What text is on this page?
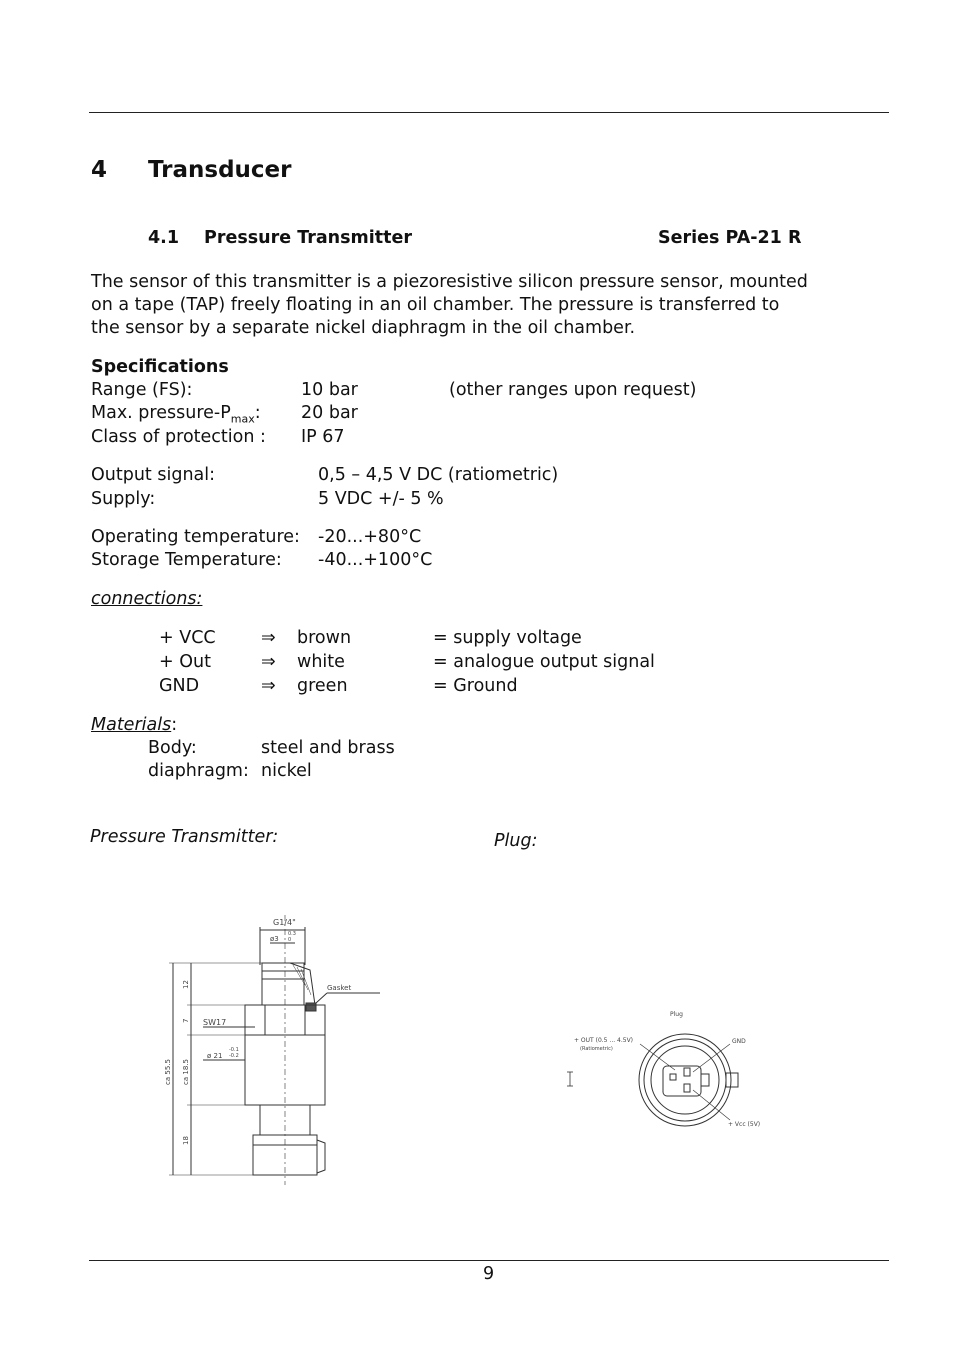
4 Transducer
4.1 Pressure Transmitter	Series PA-21 R
The sensor of this transmitter is a piezoresistive silicon pressure sensor, mounted
on a tape (TAP) freely floating in an oil chamber. The pressure is transferred to
the sensor by a separate nickel diaphragm in the oil chamber.
Specifications
Range (FS):	10 bar	(other ranges upon request)
Max. pressure-$P_{max}$: 20 bar
Class of protection : IP 67
Output signal:	0,5 – 4,5 V DC (ratiometric)
Supply:	5 VDC +/- 5 %
Operating temperature: -20...+80°C
Storage Temperature: -40...+100°C
connections:
+ VCC	⇒ brown	= supply voltage
+ Out	⇒ white	= analogue output signal
GND	⇒ green	= Ground
Materials:
Body:	steel and brass
diaphragm: nickel
Pressure Transmitter:	Plug:
G1/4"
ø3
0.3
0
Gasket
SW17
ø 21
-0.1
-0.2
ca 55.5
12
7
ca 18.5
18
Plug
+ OUT (0.5 ... 4.5V)
(Ratiometric)
GND
+ Vcc (5V)
9
